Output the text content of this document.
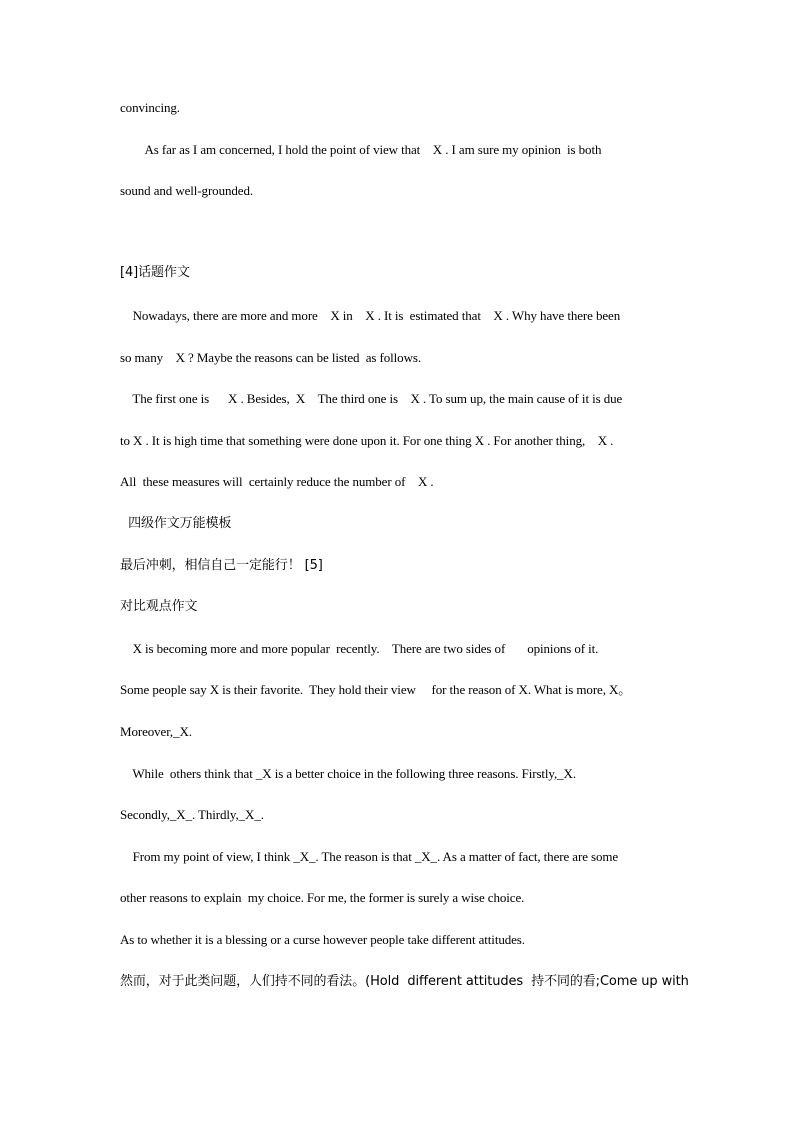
convincing.
As far as I am concerned, I hold the point of view that    X . I am sure my opinion  is both
sound and well-grounded.
[4]话题作文
Nowadays, there are more and more    X in    X . It is  estimated that    X . Why have there been
so many    X ? Maybe the reasons can be listed  as follows.
The first one is      X . Besides,  X    The third one is    X . To sum up, the main cause of it is due
to X . It is high time that something were done upon it. For one thing X . For another thing,    X .
All  these measures will  certainly reduce the number of    X .
四级作文万能模板
最后冲刺，相信自己一定能行！ [5]
对比观点作文
X is becoming more and more popular  recently.    There are two sides of       opinions of it.
Some people say X is their favorite.  They hold their view     for the reason of X. What is more, X。
Moreover,_X.
While  others think that _X is a better choice in the following three reasons. Firstly,_X.
Secondly,_X_. Thirdly,_X_.
From my point of view, I think _X_. The reason is that _X_. As a matter of fact, there are some
other reasons to explain  my choice. For me, the former is surely a wise choice.
As to whether it is a blessing or a curse however people take different attitudes.
然而，对于此类问题，人们持不同的看法。(Hold  different attitudes  持不同的看;Come up with
